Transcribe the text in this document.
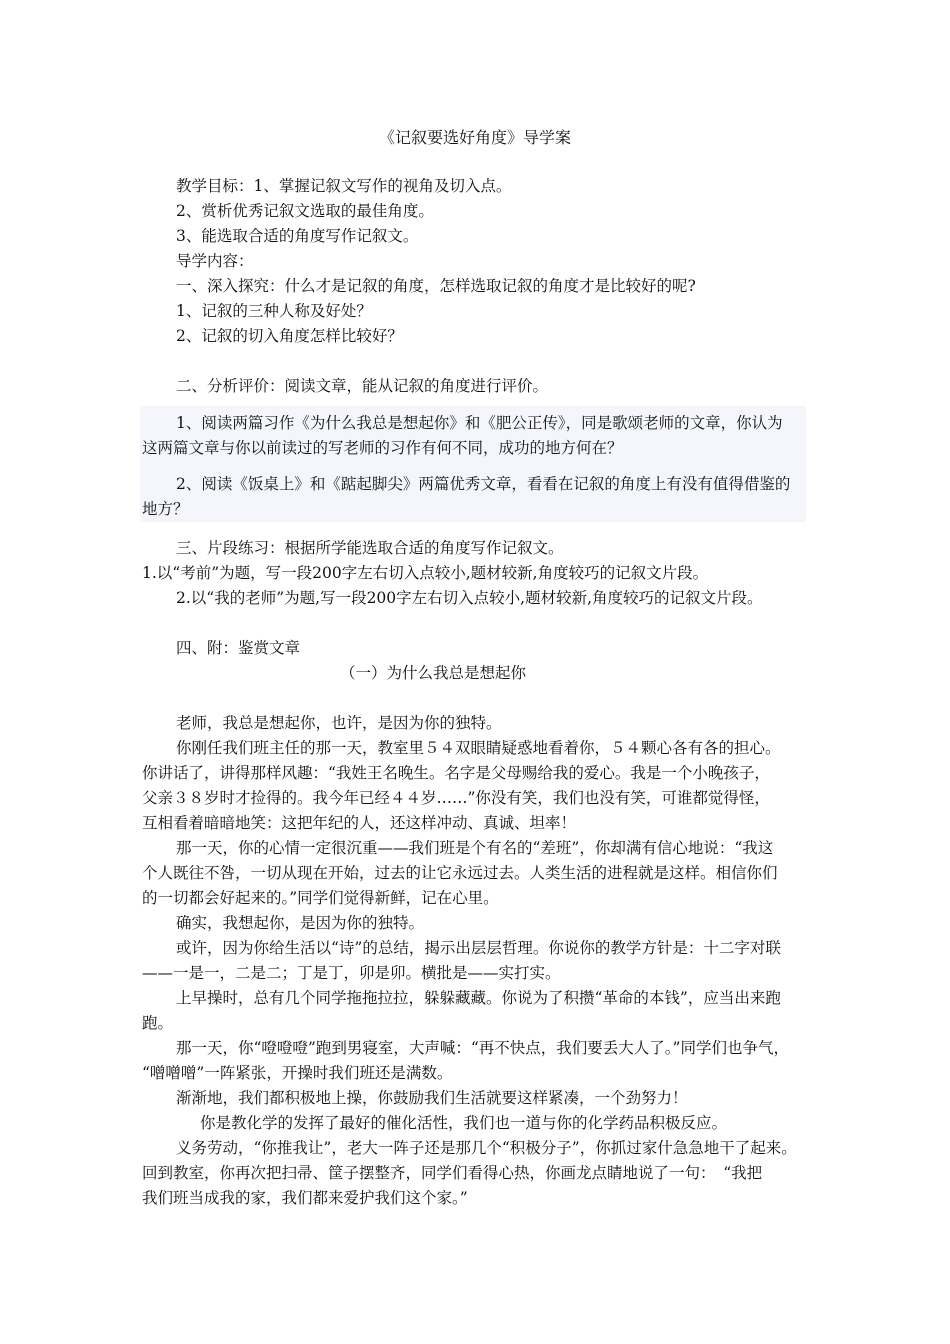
《记叙要选好角度》导学案
教学目标：1、掌握记叙文写作的视角及切入点。
2、赏析优秀记叙文选取的最佳角度。
3、能选取合适的角度写作记叙文。
导学内容：
一、深入探究：什么才是记叙的角度，怎样选取记叙的角度才是比较好的呢?
1、记叙的三种人称及好处？
2、记叙的切入角度怎样比较好？
二、分析评价：阅读文章，能从记叙的角度进行评价。
1、阅读两篇习作《为什么我总是想起你》和《肥公正传》，同是歌颂老师的文章，你认为
这两篇文章与你以前读过的写老师的习作有何不同，成功的地方何在？
2、阅读《饭桌上》和《踮起脚尖》两篇优秀文章，看看在记叙的角度上有没有值得借鉴的
地方？
三、片段练习：根据所学能选取合适的角度写作记叙文。
1.以“考前”为题，写一段200字左右切入点较小,题材较新,角度较巧的记叙文片段。
2.以“我的老师”为题,写一段200字左右切入点较小,题材较新,角度较巧的记叙文片段。
四、附：鉴赏文章
（一）为什么我总是想起你
老师，我总是想起你，也许，是因为你的独特。
你刚任我们班主任的那一天，教室里５４双眼睛疑惑地看着你，５４颗心各有各的担心。
你讲话了，讲得那样风趣：“我姓王名晚生。名字是父母赐给我的爱心。我是一个小晚孩子，
父亲３８岁时才捡得的。我今年已经４４岁……”你没有笑，我们也没有笑，可谁都觉得怪，
互相看着暗暗地笑：这把年纪的人，还这样冲动、真诚、坦率！
那一天，你的心情一定很沉重——我们班是个有名的“差班”，你却满有信心地说：“我这
个人既往不咎，一切从现在开始，过去的让它永远过去。人类生活的进程就是这样。相信你们
的一切都会好起来的。”同学们觉得新鲜，记在心里。
确实，我想起你，是因为你的独特。
或许，因为你给生活以“诗”的总结，揭示出层层哲理。你说你的教学方针是：十二字对联
——一是一，二是二；丁是丁，卯是卯。横批是——实打实。
上早操时，总有几个同学拖拖拉拉，躲躲藏藏。你说为了积攒“革命的本钱”，应当出来跑
跑。
那一天，你“噔噔噔”跑到男寝室，大声喊：“再不快点，我们要丢大人了。”同学们也争气，
“噌噌噌”一阵紧张，开操时我们班还是满数。
渐渐地，我们都积极地上操，你鼓励我们生活就要这样紧凑，一个劲努力！
你是教化学的发挥了最好的催化活性，我们也一道与你的化学药品积极反应。
义务劳动，“你推我让”，老大一阵子还是那几个“积极分子”，你抓过家什急急地干了起来。
回到教室，你再次把扫帚、筐子摆整齐，同学们看得心热，你画龙点睛地说了一句：　“我把
我们班当成我的家，我们都来爱护我们这个家。”
